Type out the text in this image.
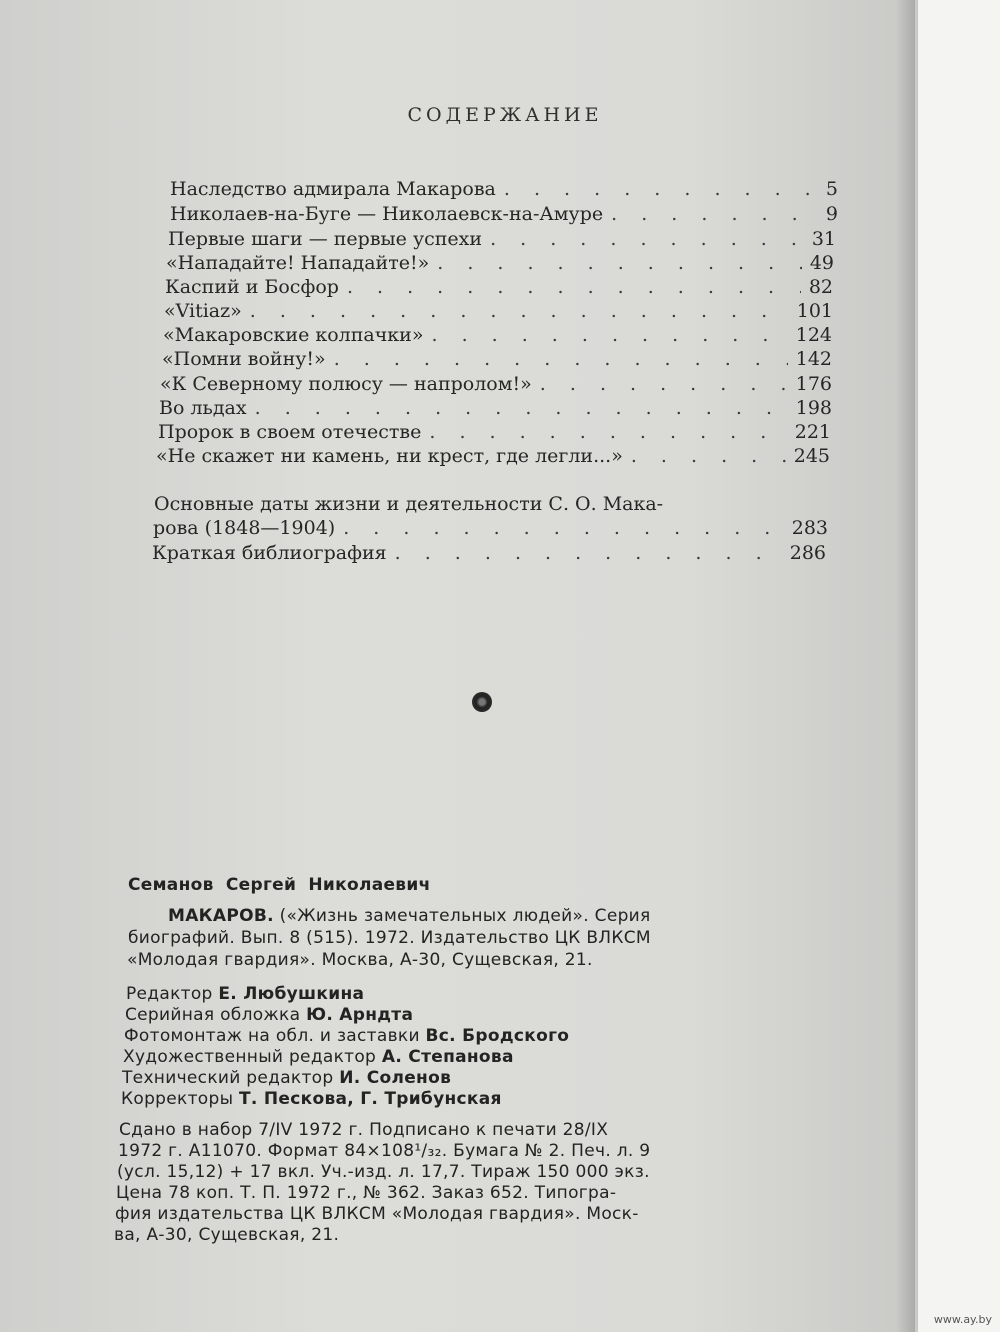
СОДЕРЖАНИЕ
Наследство адмирала Макарова . . .	5
Николаев-на-Буге — Николаевск-на-Амуре . . .	9
Первые шаги — первые успехи . . .	31
«Нападайте! Нападайте!» . . .	49
Каспий и Босфор . . .	82
«Vitiaz» . . .	101
«Макаровские колпачки» . . .	124
«Помни войну!» . . .	142
«К Северному полюсу — напролом!» . . .	176
Во льдах . . .	198
Пророк в своем отечестве . . .	221
«Не скажет ни камень, ни крест, где легли...» . . .	245
Основные даты жизни и деятельности С. О. Мака-
рова (1848—1904) . . .	283
Краткая библиография . . .	286
Семанов Сергей Николаевич
МАКАРОВ. («Жизнь замечательных людей». Серия
биографий. Вып. 8 (515). 1972. Издательство ЦК ВЛКСМ
«Молодая гвардия». Москва, А-30, Сущевская, 21.
Редактор Е. Любушкина
Серийная обложка Ю. Арндта
Фотомонтаж на обл. и заставки Вс. Бродского
Художественный редактор А. Степанова
Технический редактор И. Соленов
Корректоры Т. Пескова, Г. Трибунская
Сдано в набор 7/IV 1972 г. Подписано к печати 28/IX
1972 г. А11070. Формат 84×108¹/₃₂. Бумага № 2. Печ. л. 9
(усл. 15,12) + 17 вкл. Уч.-изд. л. 17,7. Тираж 150 000 экз.
Цена 78 коп. Т. П. 1972 г., № 362. Заказ 652. Типогра-
фия издательства ЦК ВЛКСМ «Молодая гвардия». Моск-
ва, А-30, Сущевская, 21.
www.ay.by
